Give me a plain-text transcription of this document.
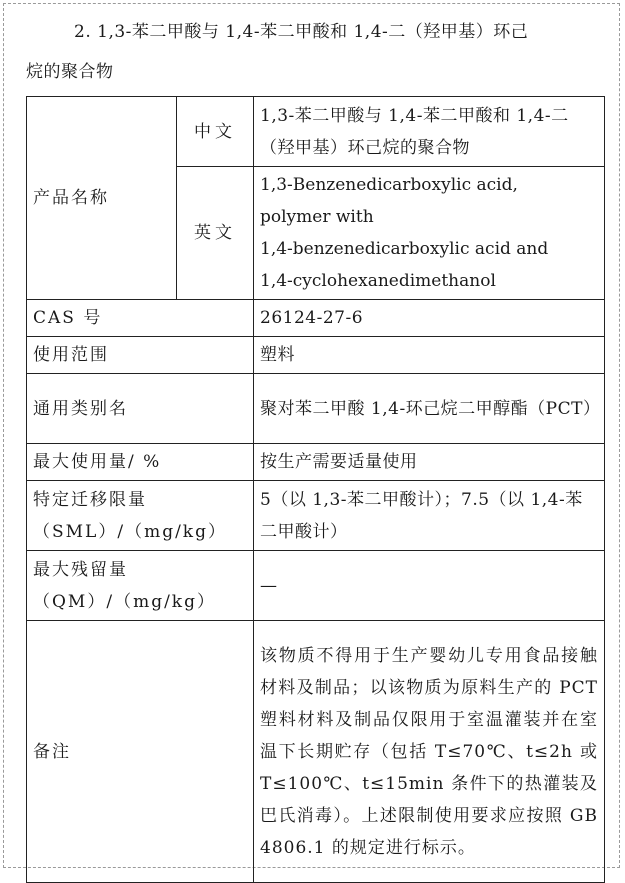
2. 1,3-苯二甲酸与 1,4-苯二甲酸和 1,4-二（羟甲基）环己
烷的聚合物
产品名称	中文	1,3-苯二甲酸与 1,4-苯二甲酸和 1,4-二（羟甲基）环己烷的聚合物
	英文	1,3-Benzenedicarboxylic acid,
polymer with
1,4-benzenedicarboxylic acid and
1,4-cyclohexanedimethanol

CAS 号		26124-27-6
使用范围		塑料
通用类别名		聚对苯二甲酸 1,4-环己烷二甲醇酯（PCT）
最大使用量/ %		按生产需要适量使用

特定迁移限量
（SML）/（mg/kg）		5（以 1,3-苯二甲酸计）；7.5（以 1,4-苯二甲酸计）

最大残留量
（QM）/（mg/kg）		—
备注		该物质不得用于生产婴幼儿专用食品接触材料及制品；以该物质为原料生产的 PCT 塑料材料及制品仅限用于室温灌装并在室温下长期贮存（包括 T≤70℃、t≤2h 或 T≤100℃、t≤15min 条件下的热灌装及巴氏消毒）。上述限制使用要求应按照 GB 4806.1 的规定进行标示。
